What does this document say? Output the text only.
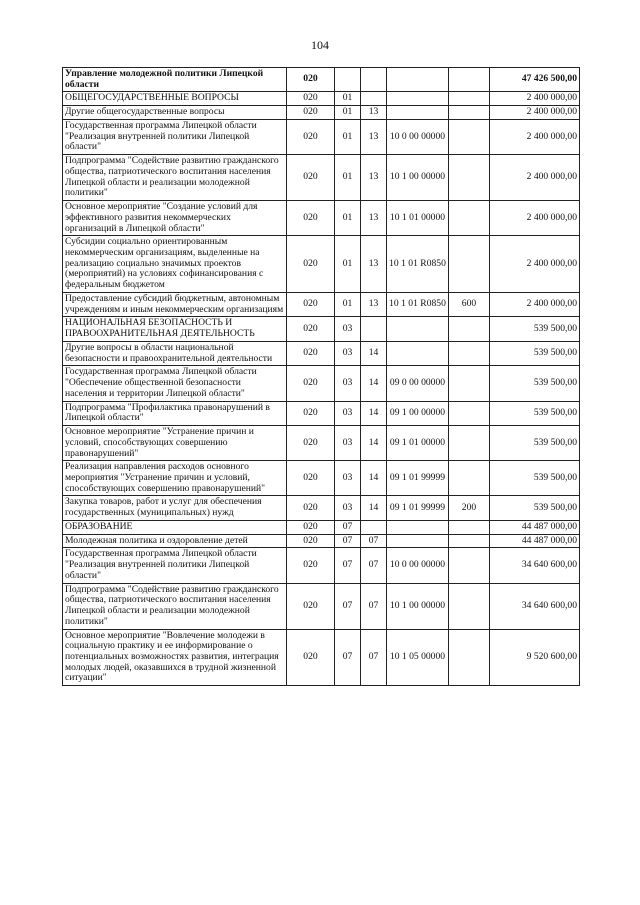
104
Управление молодежной политики Липецкой области	020					47 426 500,00
ОБЩЕГОСУДАРСТВЕННЫЕ ВОПРОСЫ	020	01				2 400 000,00
Другие общегосударственные вопросы	020	01	13			2 400 000,00
Государственная программа Липецкой области "Реализация внутренней политики Липецкой области"	020	01	13	10 0 00 00000		2 400 000,00
Подпрограмма "Содействие развитию гражданского общества, патриотического воспитания населения Липецкой области и реализации молодежной политики"	020	01	13	10 1 00 00000		2 400 000,00
Основное мероприятие "Создание условий для эффективного развития некоммерческих организаций в Липецкой области"	020	01	13	10 1 01 00000		2 400 000,00
Субсидии социально ориентированным некоммерческим организациям, выделенные на реализацию социально значимых проектов (мероприятий) на условиях софинансирования с федеральным бюджетом	020	01	13	10 1 01 R0850		2 400 000,00
Предоставление субсидий бюджетным, автономным учреждениям и иным некоммерческим организациям	020	01	13	10 1 01 R0850	600	2 400 000,00
НАЦИОНАЛЬНАЯ БЕЗОПАСНОСТЬ И ПРАВООХРАНИТЕЛЬНАЯ ДЕЯТЕЛЬНОСТЬ	020	03				539 500,00
Другие вопросы в области национальной безопасности и правоохранительной деятельности	020	03	14			539 500,00
Государственная программа Липецкой области "Обеспечение общественной безопасности населения и территории Липецкой области"	020	03	14	09 0 00 00000		539 500,00
Подпрограмма "Профилактика правонарушений в Липецкой области"	020	03	14	09 1 00 00000		539 500,00
Основное мероприятие "Устранение причин и условий, способствующих совершению правонарушений"	020	03	14	09 1 01 00000		539 500,00
Реализация направления расходов основного мероприятия "Устранение причин и условий, способствующих совершению правонарушений"	020	03	14	09 1 01 99999		539 500,00
Закупка товаров, работ и услуг для обеспечения государственных (муниципальных) нужд	020	03	14	09 1 01 99999	200	539 500,00
ОБРАЗОВАНИЕ	020	07				44 487 000,00
Молодежная политика и оздоровление детей	020	07	07			44 487 000,00
Государственная программа Липецкой области "Реализация внутренней политики Липецкой области"	020	07	07	10 0 00 00000		34 640 600,00
Подпрограмма "Содействие развитию гражданского общества, патриотического воспитания населения Липецкой области и реализации молодежной политики"	020	07	07	10 1 00 00000		34 640 600,00
Основное мероприятие "Вовлечение молодежи в социальную практику и ее информирование о потенциальных возможностях развития, интеграция молодых людей, оказавшихся в трудной жизненной ситуации"	020	07	07	10 1 05 00000		9 520 600,00
